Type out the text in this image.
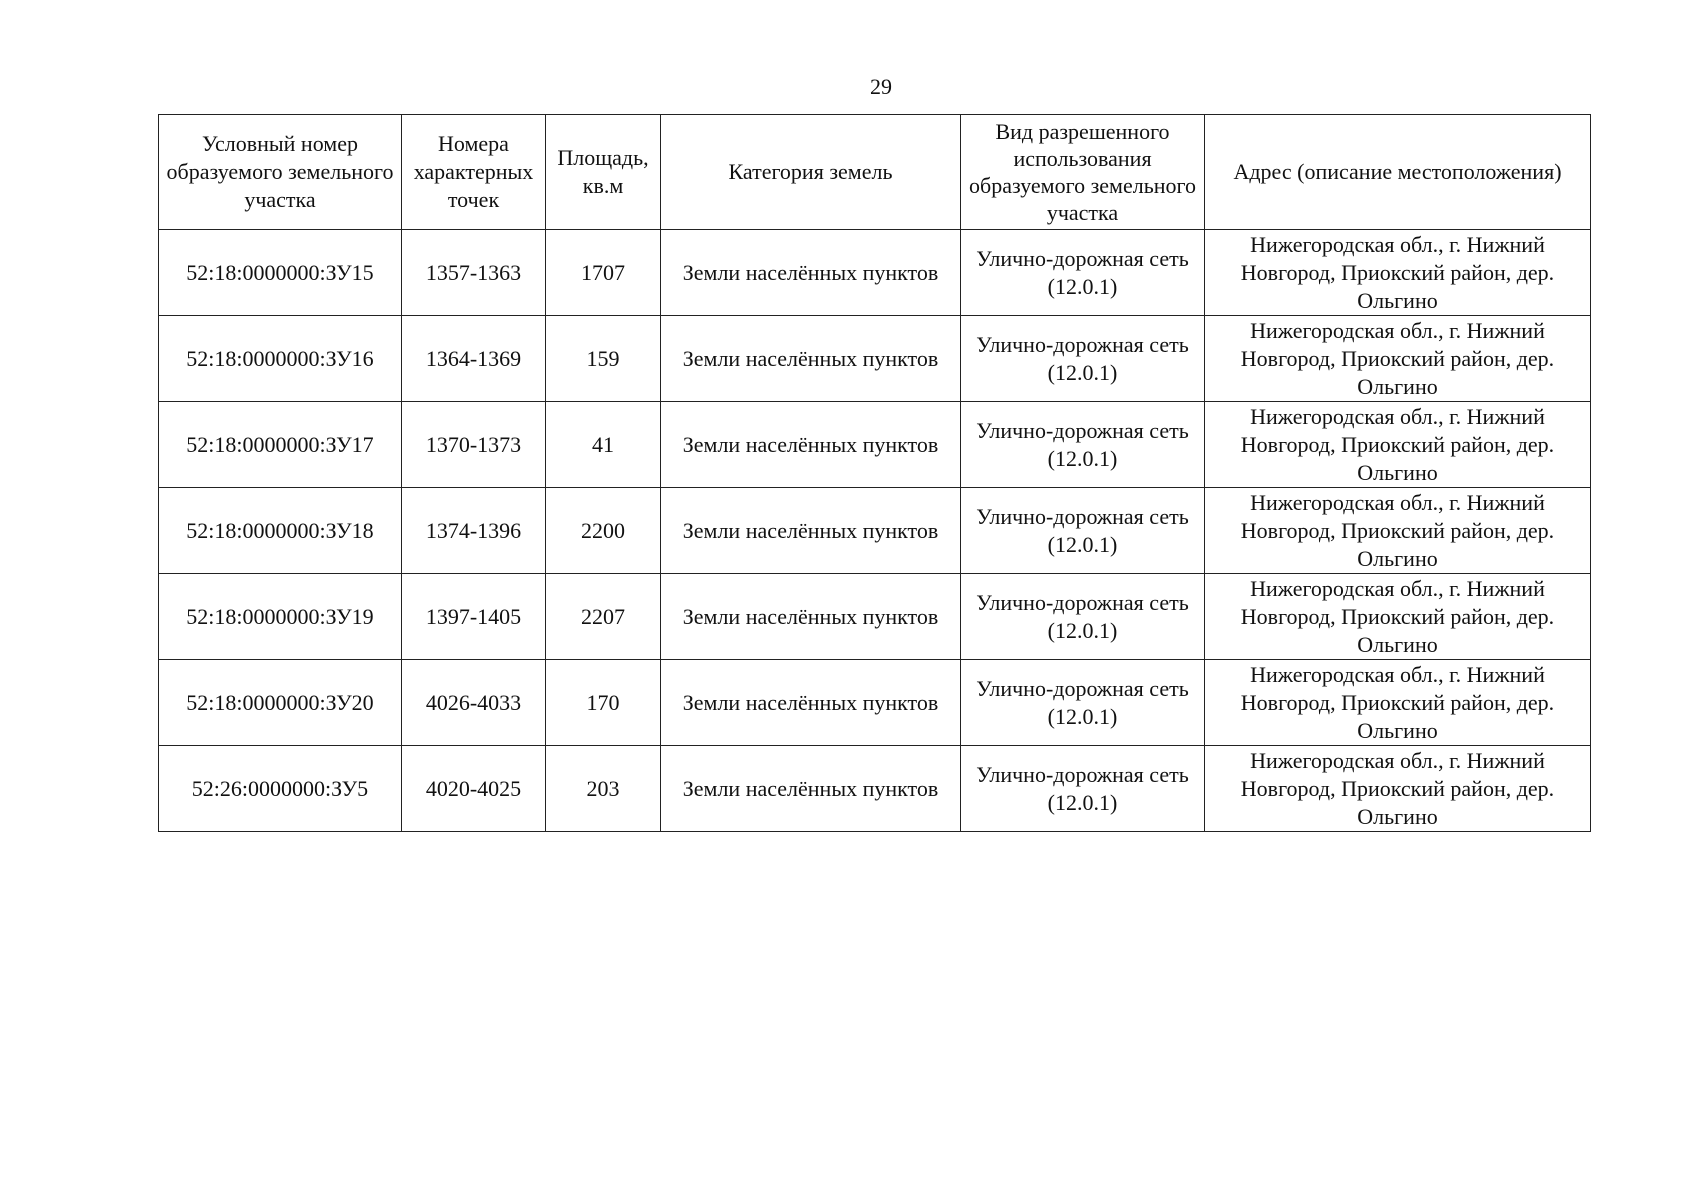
29
Условный номер образуемого земельного участка	Номера характерных точек	Площадь, кв.м	Категория земель	Вид разрешенного использования образуемого земельного участка	Адрес (описание местоположения)
52:18:0000000:ЗУ15	1357-1363	1707	Земли населённых пунктов	Улично-дорожная сеть (12.0.1)	Нижегородская обл., г. Нижний Новгород, Приокский район, дер. Ольгино
52:18:0000000:ЗУ16	1364-1369	159	Земли населённых пунктов	Улично-дорожная сеть (12.0.1)	Нижегородская обл., г. Нижний Новгород, Приокский район, дер. Ольгино
52:18:0000000:ЗУ17	1370-1373	41	Земли населённых пунктов	Улично-дорожная сеть (12.0.1)	Нижегородская обл., г. Нижний Новгород, Приокский район, дер. Ольгино
52:18:0000000:ЗУ18	1374-1396	2200	Земли населённых пунктов	Улично-дорожная сеть (12.0.1)	Нижегородская обл., г. Нижний Новгород, Приокский район, дер. Ольгино
52:18:0000000:ЗУ19	1397-1405	2207	Земли населённых пунктов	Улично-дорожная сеть (12.0.1)	Нижегородская обл., г. Нижний Новгород, Приокский район, дер. Ольгино
52:18:0000000:ЗУ20	4026-4033	170	Земли населённых пунктов	Улично-дорожная сеть (12.0.1)	Нижегородская обл., г. Нижний Новгород, Приокский район, дер. Ольгино
52:26:0000000:ЗУ5	4020-4025	203	Земли населённых пунктов	Улично-дорожная сеть (12.0.1)	Нижегородская обл., г. Нижний Новгород, Приокский район, дер. Ольгино
